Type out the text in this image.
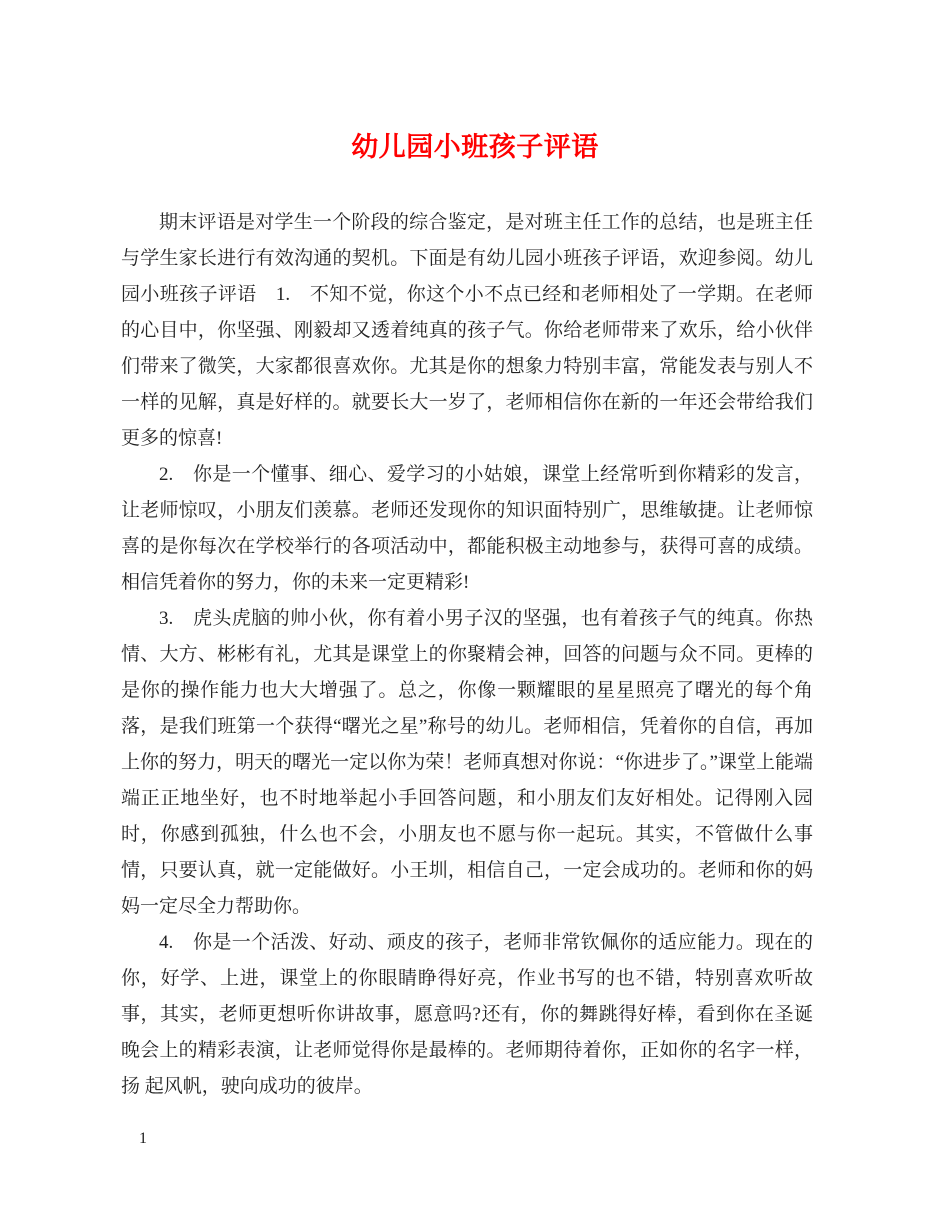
幼儿园小班孩子评语

期末评语是对学生一个阶段的综合鉴定，是对班主任工作的总结，也是班主任与学生家长进行有效沟通的契机。下面是有幼儿园小班孩子评语，欢迎参阅。幼儿园小班孩子评语　1.　不知不觉，你这个小不点已经和老师相处了一学期。在老师的心目中，你坚强、刚毅却又透着纯真的孩子气。你给老师带来了欢乐，给小伙伴们带来了微笑，大家都很喜欢你。尤其是你的想象力特别丰富，常能发表与别人不一样的见解，真是好样的。就要长大一岁了，老师相信你在新的一年还会带给我们更多的惊喜!

2.　你是一个懂事、细心、爱学习的小姑娘，课堂上经常听到你精彩的发言，让老师惊叹，小朋友们羡慕。老师还发现你的知识面特别广，思维敏捷。让老师惊喜的是你每次在学校举行的各项活动中，都能积极主动地参与，获得可喜的成绩。相信凭着你的努力，你的未来一定更精彩!

3.　虎头虎脑的帅小伙，你有着小男子汉的坚强，也有着孩子气的纯真。你热情、大方、彬彬有礼，尤其是课堂上的你聚精会神，回答的问题与众不同。更棒的是你的操作能力也大大增强了。总之，你像一颗耀眼的星星照亮了曙光的每个角落，是我们班第一个获得“曙光之星”称号的幼儿。老师相信，凭着你的自信，再加上你的努力，明天的曙光一定以你为荣！老师真想对你说：“你进步了。”课堂上能端端正正地坐好，也不时地举起小手回答问题，和小朋友们友好相处。记得刚入园时，你感到孤独，什么也不会，小朋友也不愿与你一起玩。其实，不管做什么事情，只要认真，就一定能做好。小王圳，相信自己，一定会成功的。老师和你的妈妈一定尽全力帮助你。

4.　你是一个活泼、好动、顽皮的孩子，老师非常钦佩你的适应能力。现在的你，好学、上进，课堂上的你眼睛睁得好亮，作业书写的也不错，特别喜欢听故事，其实，老师更想听你讲故事，愿意吗?还有，你的舞跳得好棒，看到你在圣诞晚会上的精彩表演，让老师觉得你是最棒的。老师期待着你，正如你的名字一样，扬 起风帆，驶向成功的彼岸。

1
